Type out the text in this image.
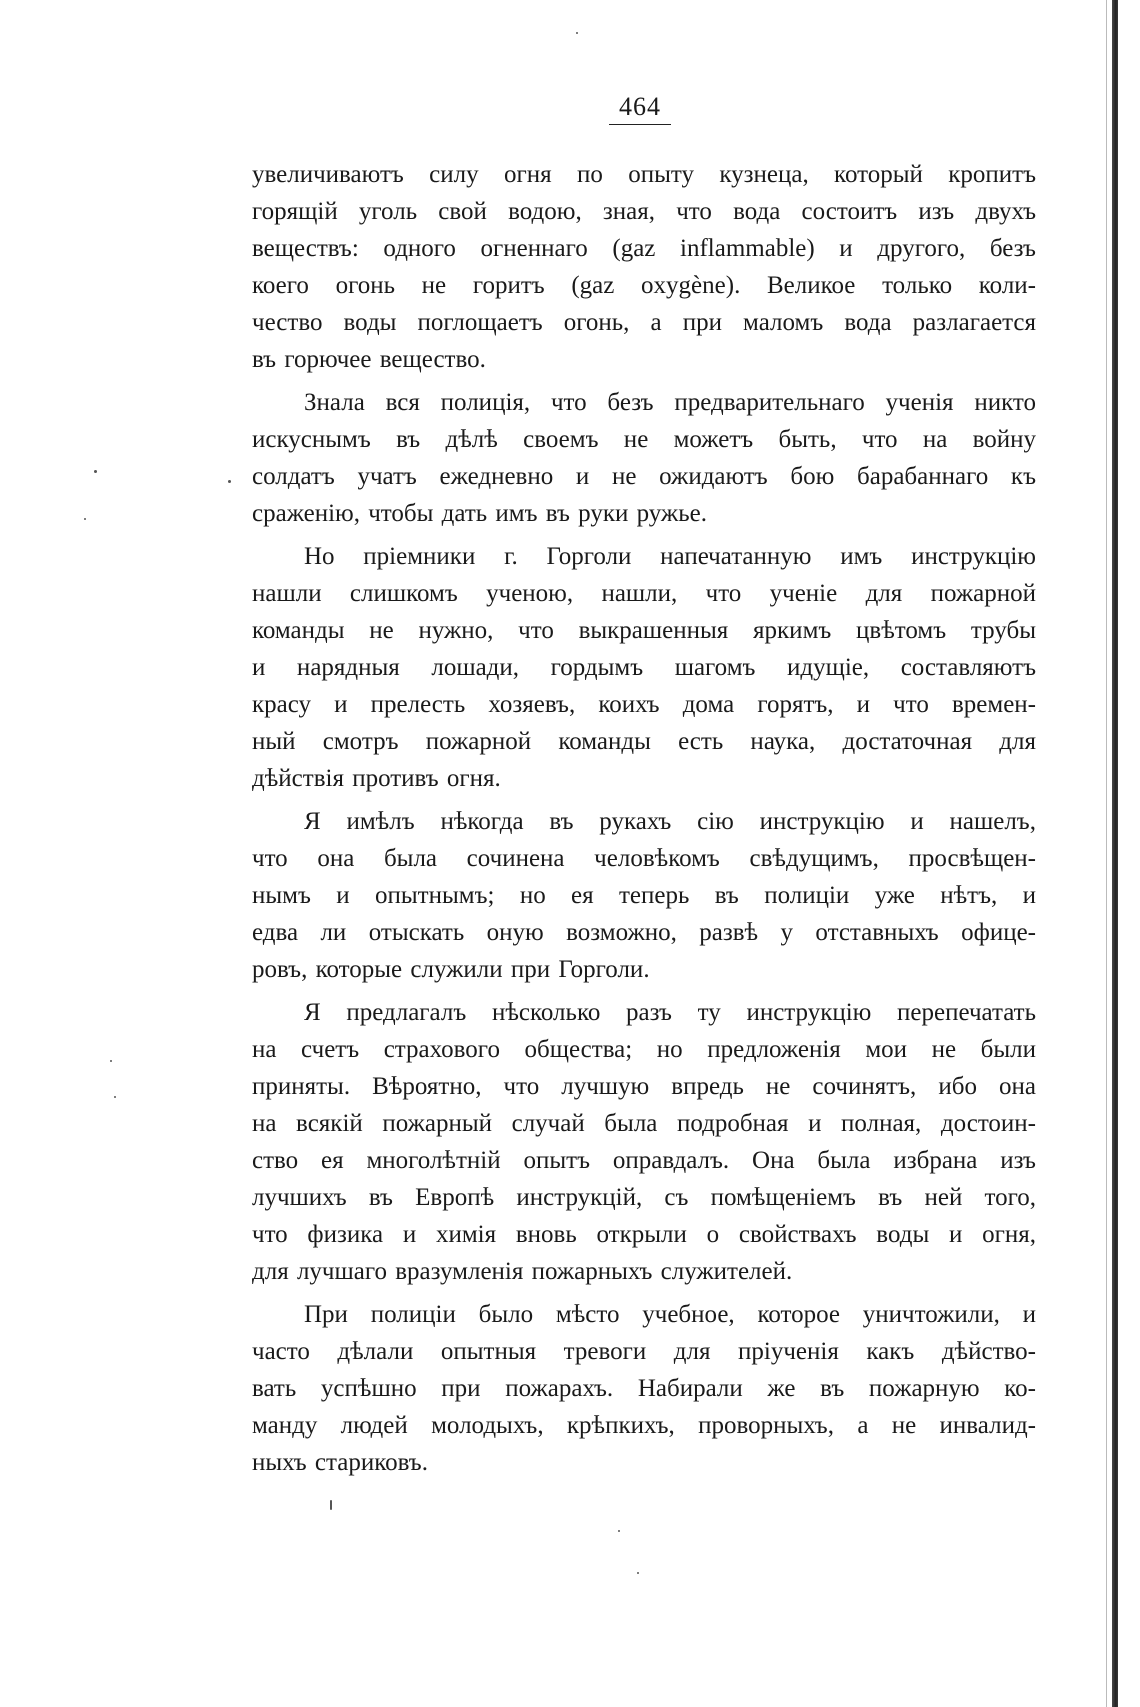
464
увеличиваютъ силу огня по опыту кузнеца, который кропитъ
горящій уголь свой водою, зная, что вода состоитъ изъ двухъ
веществъ: одного огненнаго (gaz inflammable) и другого, безъ
коего огонь не горитъ (gaz oxygène). Великое только коли-
чество воды поглощаетъ огонь, а при маломъ вода разлагается
въ горючее вещество.
Знала вся полиція, что безъ предварительнаго ученія никто
искуснымъ въ дѣлѣ своемъ не можетъ быть, что на войну
солдатъ учатъ ежедневно и не ожидаютъ бою барабаннаго къ
сраженію, чтобы дать имъ въ руки ружье.
Но пріемники г. Горголи напечатанную имъ инструкцію
нашли слишкомъ ученою, нашли, что ученіе для пожарной
команды не нужно, что выкрашенныя яркимъ цвѣтомъ трубы
и нарядныя лошади, гордымъ шагомъ идущіе, составляютъ
красу и прелесть хозяевъ, коихъ дома горятъ, и что времен-
ный смотръ пожарной команды есть наука, достаточная для
дѣйствія противъ огня.
Я имѣлъ нѣкогда въ рукахъ сію инструкцію и нашелъ,
что она была сочинена человѣкомъ свѣдущимъ, просвѣщен-
нымъ и опытнымъ; но ея теперь въ полиціи уже нѣтъ, и
едва ли отыскать оную возможно, развѣ у отставныхъ офице-
ровъ, которые служили при Горголи.
Я предлагалъ нѣсколько разъ ту инструкцію перепечатать
на счетъ страхового общества; но предложенія мои не были
приняты. Вѣроятно, что лучшую впредь не сочинятъ, ибо она
на всякій пожарный случай была подробная и полная, достоин-
ство ея многолѣтній опытъ оправдалъ. Она была избрана изъ
лучшихъ въ Европѣ инструкцій, съ помѣщеніемъ въ ней того,
что физика и химія вновь открыли о свойствахъ воды и огня,
для лучшаго вразумленія пожарныхъ служителей.
При полиціи было мѣсто учебное, которое уничтожили, и
часто дѣлали опытныя тревоги для пріученія какъ дѣйство-
вать успѣшно при пожарахъ. Набирали же въ пожарную ко-
манду людей молодыхъ, крѣпкихъ, проворныхъ, а не инвалид-
ныхъ стариковъ.
